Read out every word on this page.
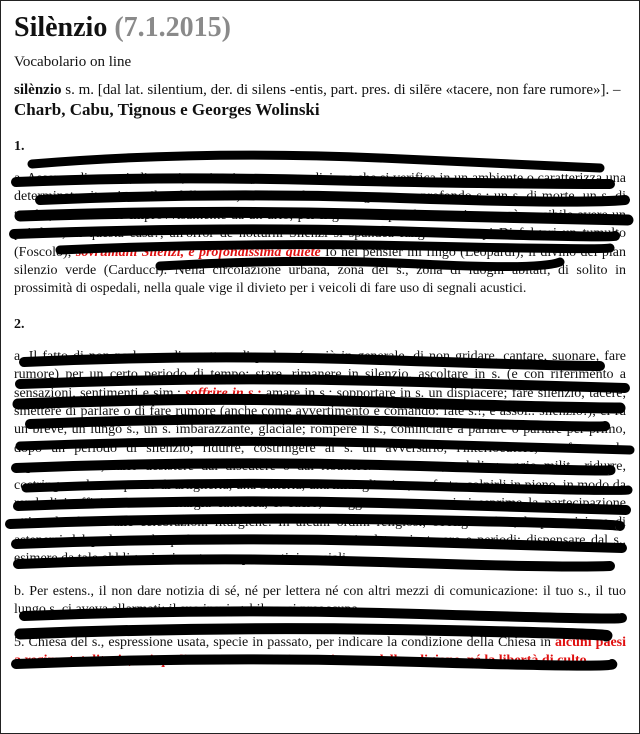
Silènzio (7.1.2015)
Vocabolario on line
silènzio s. m. [dal lat. silentium, der. di silens -entis, part. pres. di silēre «tacere, non fare rumore»]. – Charb, Cabu, Tignous e Georges Wolinski
1.

a. Assenza di rumori, di suoni, voci e sim., come condizione che si verifica in un ambiente o caratterizza una determinata situazione: il s. della notte; nella vecchia casa regnava un profondo s.; un s. di morte, un s. di tomba; il s. fu rotto improvvisamente da un urlo; per il gran s. si può lavorare in pace; è possibile avere un po' di s., in questa casa?; all'orror de notturni Silenzi si spandea lungo ne' campi Di fulgori un tumulto (Foscolo); sovrumani Silenzi, e profondissima quïete Io nel pensier mi fingo (Leopardi); il divino del pian silenzio verde (Carducci). Nella circolazione urbana, zona del s., zona di luoghi abitati, di solito in prossimità di ospedali, nella quale vige il divieto per i veicoli di fare uso di segnali acustici.

2.

a. Il fatto di non parlare o di smettere di parlare (e, più in generale, di non gridare, cantare, suonare, fare rumore) per un certo periodo di tempo: stare, rimanere in silenzio, ascoltare in s. (e con riferimento a sensazioni, sentimenti e sim.: soffrire in s.; amare in s.; sopportare in s. un dispiacere; fare silenzio, tacere, smettere di parlare o di fare rumore (anche come avvertimento e comando: fate s.!, e assol.: silenzio!); ci fu un breve, un lungo s., un s. imbarazzante, glaciale; rompere il s., cominciare a parlare o parlare per primo, dopo un periodo di silenzio; ridurre, costringere al s. un avversario, l'interlocutore, confutarne le argomentazioni, farlo desistere dal discutere o dal ribattere. Per estens., nel linguaggio milit., ridurre, costringere al s. un pezzo di artiglieria, una batteria, una mitragliatrice, un forte, colpirli in pieno, in modo da renderli inefficienti. Nella liturgia cattolica, s. sacro, atteggiamento con cui si esprime la partecipazione attiva dei fedeli alle celebrazioni liturgiche. In alcuni ordini religiosi, obbligo del s., la prescrizione di astenersi dal parlare o da qualsiasi manifestazione sonora in determinate ore e periodi; dispensare dal s., esimere da tale obbligo, in circostanze e per motivi speciali.

b. Per estens., il non dare notizia di sé, né per lettera né con altri mezzi di comunicazione: il tuo s., il tuo lungo s. ci aveva allarmati; il suo inspiegabile s. ci preoccupa.

5. Chiesa del s., espressione usata, specie in passato, per indicare la condizione della Chiesa in alcuni paesi a regime totalitario, nei quali non esiste né il riconoscimento della religione, né la libertà di culto.
